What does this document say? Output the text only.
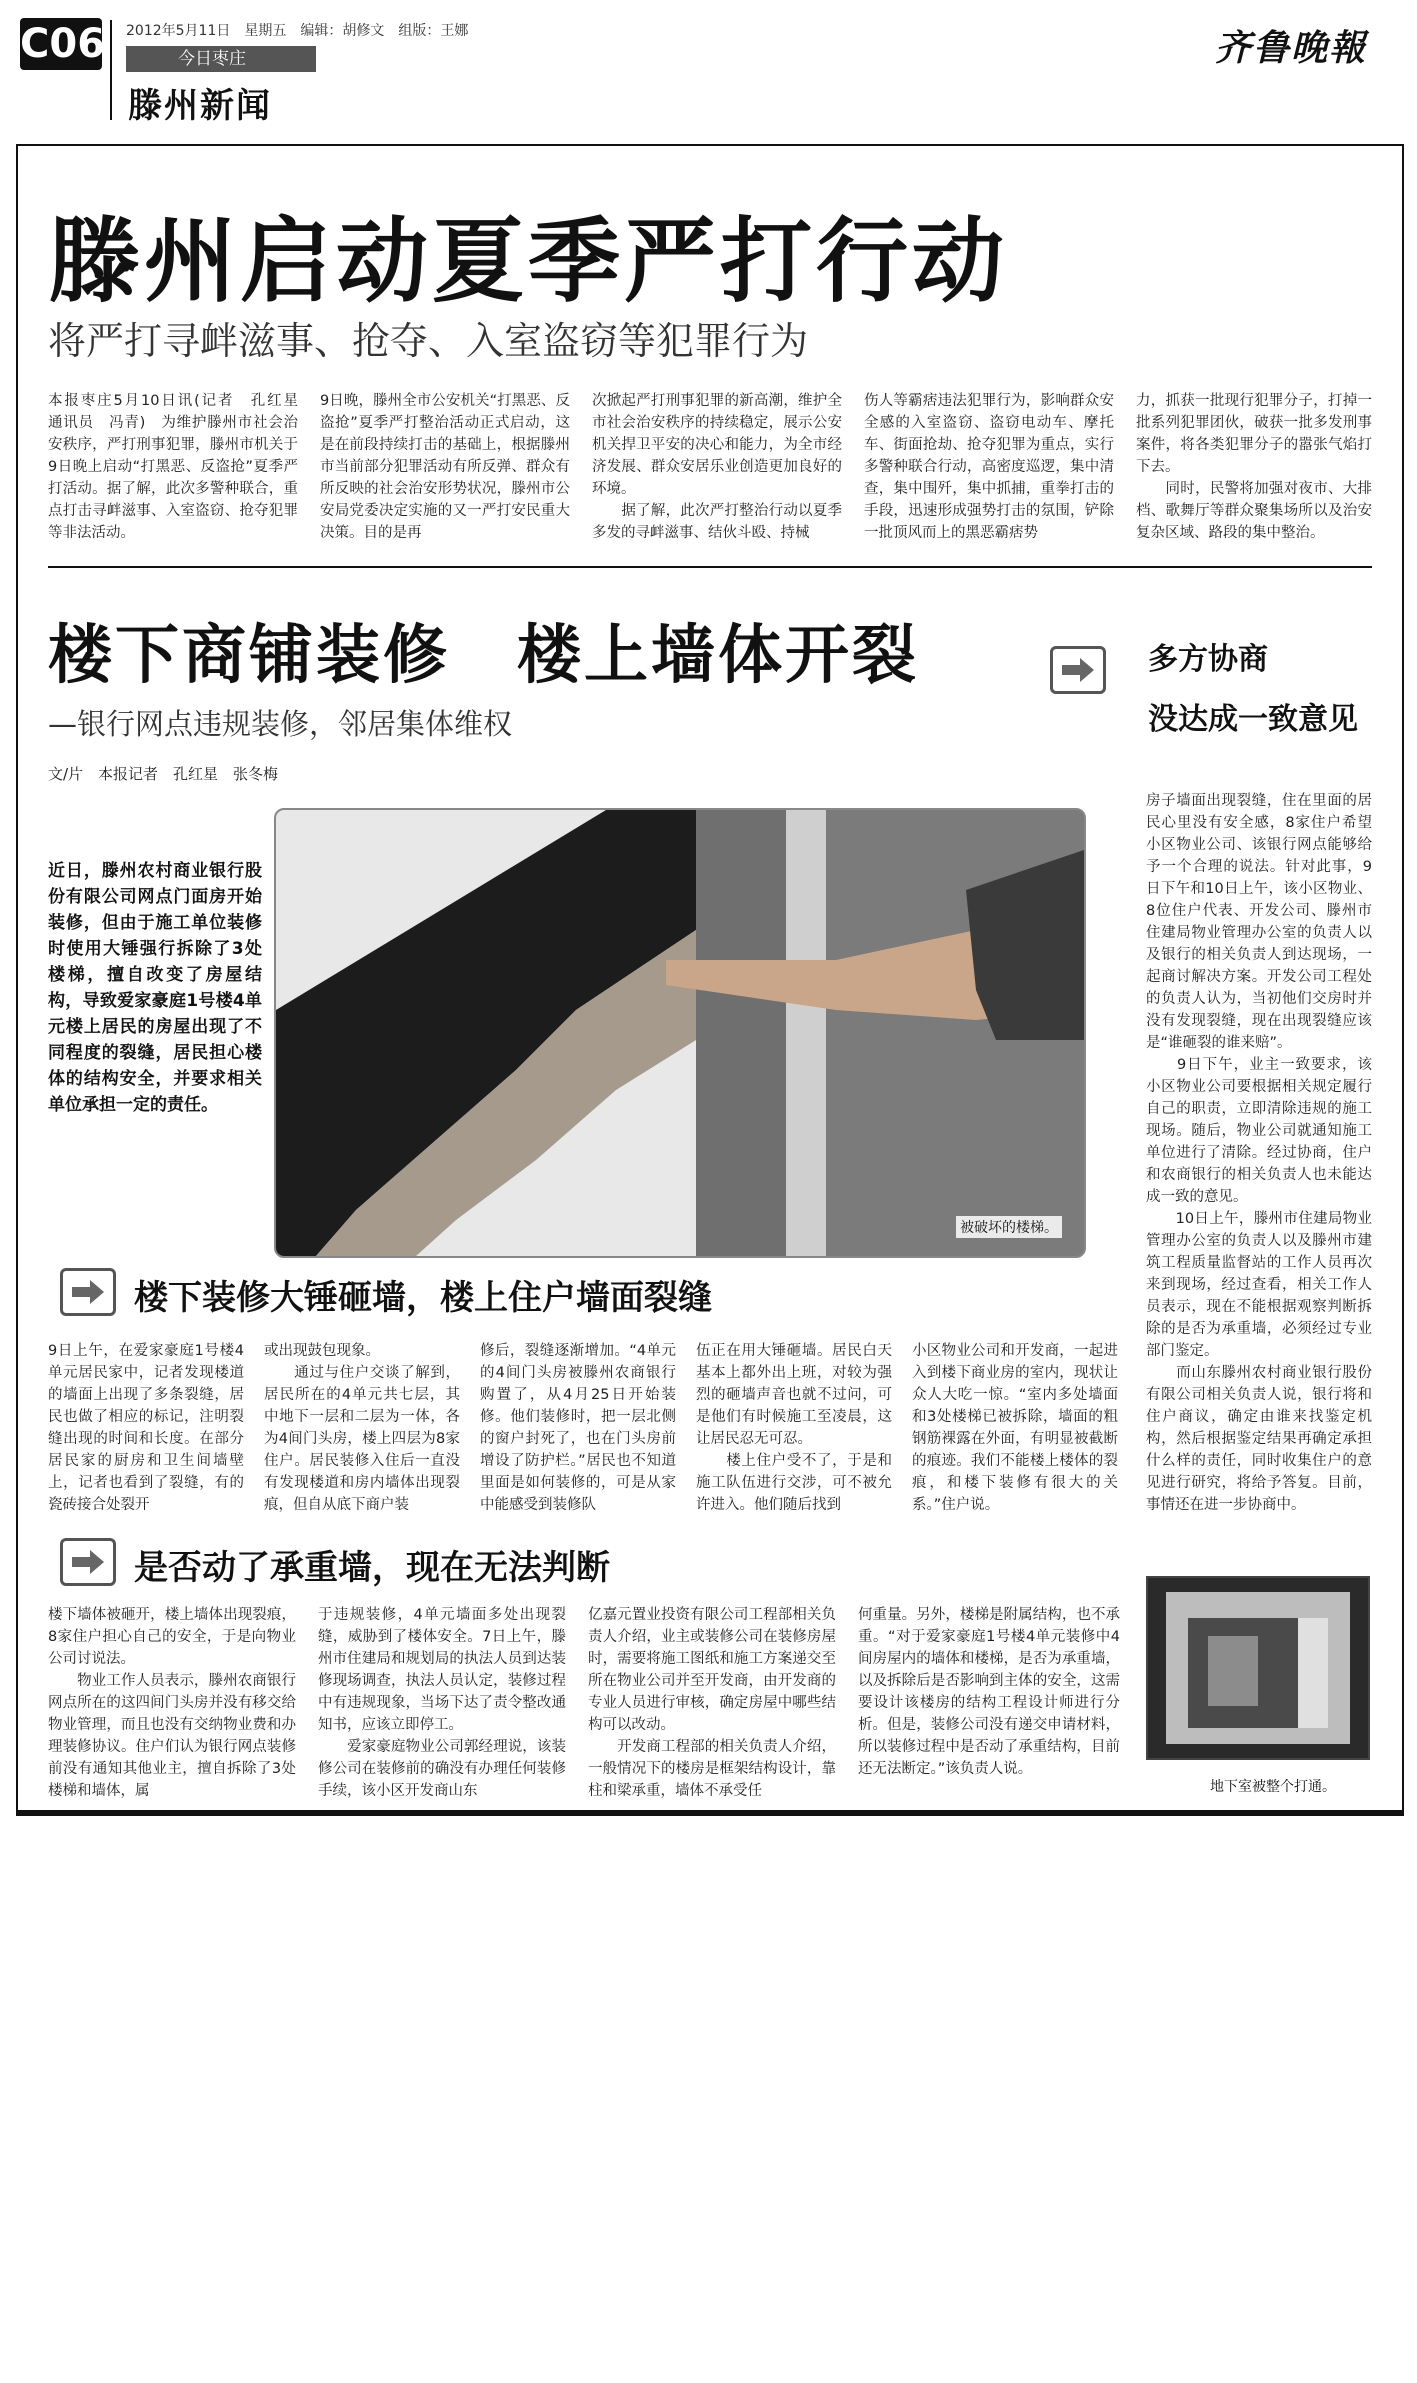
C06 2012年5月11日　星期五　编辑：胡修文　组版：王娜
今日枣庄
滕州新闻
齐鲁晚報
滕州启动夏季严打行动
将严打寻衅滋事、抢夺、入室盗窃等犯罪行为
本报枣庄5月10日讯(记者　孔红星　通讯员　冯青)　为维护滕州市社会治安秩序，严打刑事犯罪，滕州市机关于9日晚上启动“打黑恶、反盗抢”夏季严打活动。据了解，此次多警种联合，重点打击寻衅滋事、入室盗窃、抢夺犯罪等非法活动。
9日晚，滕州全市公安机关“打黑恶、反盗抢”夏季严打整治活动正式启动，这是在前段持续打击的基础上，根据滕州市当前部分犯罪活动有所反弹、群众有所反映的社会治安形势状况，滕州市公安局党委决定实施的又一严打安民重大决策。目的是再
次掀起严打刑事犯罪的新高潮，维护全市社会治安秩序的持续稳定，展示公安机关捍卫平安的决心和能力，为全市经济发展、群众安居乐业创造更加良好的环境。
　　据了解，此次严打整治行动以夏季多发的寻衅滋事、结伙斗殴、持械
伤人等霸痞违法犯罪行为，影响群众安全感的入室盗窃、盗窃电动车、摩托车、街面抢劫、抢夺犯罪为重点，实行多警种联合行动，高密度巡逻，集中清查，集中围歼，集中抓捕，重拳打击的手段，迅速形成强势打击的氛围，铲除一批顶风而上的黑恶霸痞势
力，抓获一批现行犯罪分子，打掉一批系列犯罪团伙，破获一批多发刑事案件，将各类犯罪分子的嚣张气焰打下去。
　　同时，民警将加强对夜市、大排档、歌舞厅等群众聚集场所以及治安复杂区域、路段的集中整治。
楼下商铺装修　楼上墙体开裂
—银行网点违规装修，邻居集体维权
文/片　本报记者　孔红星　张冬梅
多方协商
没达成一致意见
近日，滕州农村商业银行股份有限公司网点门面房开始装修，但由于施工单位装修时使用大锤强行拆除了3处楼梯，擅自改变了房屋结构，导致爱家豪庭1号楼4单元楼上居民的房屋出现了不同程度的裂缝，居民担心楼体的结构安全，并要求相关单位承担一定的责任。
被破坏的楼梯。
房子墙面出现裂缝，住在里面的居民心里没有安全感，8家住户希望小区物业公司、该银行网点能够给予一个合理的说法。针对此事，9日下午和10日上午，该小区物业、8位住户代表、开发公司、滕州市住建局物业管理办公室的负责人以及银行的相关负责人到达现场，一起商讨解决方案。开发公司工程处的负责人认为，当初他们交房时并没有发现裂缝，现在出现裂缝应该是“谁砸裂的谁来赔”。
　　9日下午，业主一致要求，该小区物业公司要根据相关规定履行自己的职责，立即清除违规的施工现场。随后，物业公司就通知施工单位进行了清除。经过协商，住户和农商银行的相关负责人也未能达成一致的意见。
　　10日上午，滕州市住建局物业管理办公室的负责人以及滕州市建筑工程质量监督站的工作人员再次来到现场，经过查看，相关工作人员表示，现在不能根据观察判断拆除的是否为承重墙，必须经过专业部门鉴定。
　　而山东滕州农村商业银行股份有限公司相关负责人说，银行将和住户商议，确定由谁来找鉴定机构，然后根据鉴定结果再确定承担什么样的责任，同时收集住户的意见进行研究，将给予答复。目前，事情还在进一步协商中。
楼下装修大锤砸墙，楼上住户墙面裂缝
9日上午，在爱家豪庭1号楼4单元居民家中，记者发现楼道的墙面上出现了多条裂缝，居民也做了相应的标记，注明裂缝出现的时间和长度。在部分居民家的厨房和卫生间墙壁上，记者也看到了裂缝，有的瓷砖接合处裂开
或出现鼓包现象。
　　通过与住户交谈了解到，居民所在的4单元共七层，其中地下一层和二层为一体，各为4间门头房，楼上四层为8家住户。居民装修入住后一直没有发现楼道和房内墙体出现裂痕，但自从底下商户装
修后，裂缝逐渐增加。“4单元的4间门头房被滕州农商银行购置了，从4月25日开始装修。他们装修时，把一层北侧的窗户封死了，也在门头房前增设了防护栏。”居民也不知道里面是如何装修的，可是从家中能感受到装修队
伍正在用大锤砸墙。居民白天基本上都外出上班，对较为强烈的砸墙声音也就不过问，可是他们有时候施工至凌晨，这让居民忍无可忍。
　　楼上住户受不了，于是和施工队伍进行交涉，可不被允许进入。他们随后找到
小区物业公司和开发商，一起进入到楼下商业房的室内，现状让众人大吃一惊。“室内多处墙面和3处楼梯已被拆除，墙面的粗钢筋裸露在外面，有明显被截断的痕迹。我们不能楼上楼体的裂痕，和楼下装修有很大的关系。”住户说。
是否动了承重墙，现在无法判断
楼下墙体被砸开，楼上墙体出现裂痕，8家住户担心自己的安全，于是向物业公司讨说法。
　　物业工作人员表示，滕州农商银行网点所在的这四间门头房并没有移交给物业管理，而且也没有交纳物业费和办理装修协议。住户们认为银行网点装修前没有通知其他业主，擅自拆除了3处楼梯和墙体，属
于违规装修，4单元墙面多处出现裂缝，威胁到了楼体安全。7日上午，滕州市住建局和规划局的执法人员到达装修现场调查，执法人员认定，装修过程中有违规现象，当场下达了责令整改通知书，应该立即停工。
　　爱家豪庭物业公司郭经理说，该装修公司在装修前的确没有办理任何装修手续，该小区开发商山东
亿嘉元置业投资有限公司工程部相关负责人介绍，业主或装修公司在装修房屋时，需要将施工图纸和施工方案递交至所在物业公司并至开发商，由开发商的专业人员进行审核，确定房屋中哪些结构可以改动。
　　开发商工程部的相关负责人介绍，一般情况下的楼房是框架结构设计，靠柱和梁承重，墙体不承受任
何重量。另外，楼梯是附属结构，也不承重。“对于爱家豪庭1号楼4单元装修中4间房屋内的墙体和楼梯，是否为承重墙，以及拆除后是否影响到主体的安全，这需要设计该楼房的结构工程设计师进行分析。但是，装修公司没有递交申请材料，所以装修过程中是否动了承重结构，目前还无法断定。”该负责人说。
地下室被整个打通。
